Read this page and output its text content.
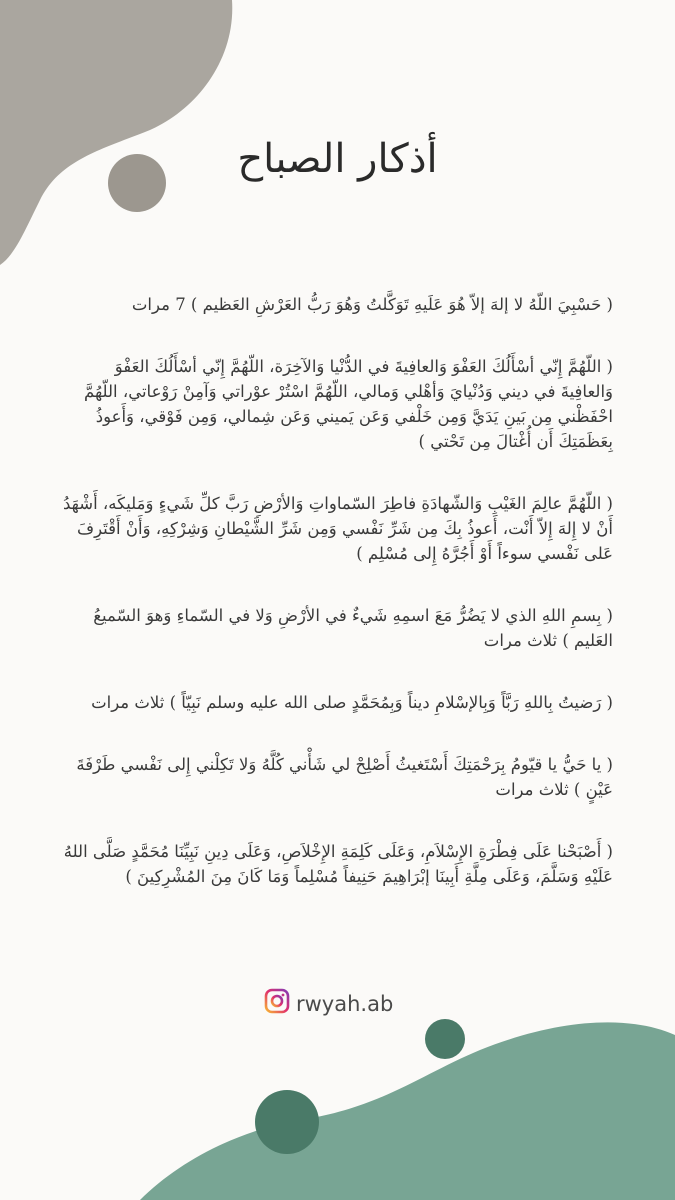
أذكار الصباح

( حَسْبِيَ اللّهُ لا إلهَ إلاّ هُوَ عَلَيهِ تَوَكَّلتُ وَهُوَ رَبُّ العَرْشِ العَظيم ) 7 مرات

( اللّهُمَّ إِنّي أسْأَلُكَ العَفْوَ وَالعافِيةَ في الدُّنْيا وَالآخِرَة، اللّهُمَّ إِنّي أسْأَلُكَ العَفْوَ وَالعافِيةَ في ديني وَدُنْيايَ وَأهْلي وَمالي، اللّهُمَّ اسْتُرْ عوْراتي وَآمِنْ رَوْعاتي، اللّهُمَّ احْفَظْني مِن بَينِ يَدَيَّ وَمِن خَلْفي وَعَن يَميني وَعَن شِمالي، وَمِن فَوْقي، وَأَعوذُ بِعَظَمَتِكَ أَن أُغْتالَ مِن تَحْتي )

( اللّهُمَّ عالِمَ الغَيْبِ وَالشّهادَةِ فاطِرَ السّماواتِ وَالأرْضِ رَبَّ كلِّ شَيءٍ وَمَليكَه، أَشْهَدُ أَنْ لا إِلهَ إِلاّ أَنْت، أَعوذُ بِكَ مِن شَرِّ نَفْسي وَمِن شَرِّ الشَّيْطانِ وَشِرْكِهِ، وَأَنْ أَقْتَرِفَ عَلى نَفْسي سوءاً أَوْ أَجُرَّهُ إِلى مُسْلِم )

( بِسمِ اللهِ الذي لا يَضُرُّ مَعَ اسمِهِ شَيءٌ في الأرْضِ وَلا في السّماءِ وَهوَ السّميعُ العَليم ) ثلاث مرات

( رَضيتُ بِاللهِ رَبَّاً وَبِالإسْلامِ ديناً وَبِمُحَمَّدٍ صلى الله عليه وسلم نَبِيّاً ) ثلاث مرات

( يا حَيُّ يا قيّومُ بِرَحْمَتِكَ أَسْتَغيثُ أَصْلِحْ لي شَأْني كُلَّهُ وَلا تَكِلْني إِلى نَفْسي طَرْفَةَ عَيْنٍ ) ثلاث مرات

( أَصْبَحْنا عَلَى فِطْرَةِ الإِسْلاَمِ، وَعَلَى كَلِمَةِ الإِخْلاَصِ، وَعَلَى دِينِ نَبِيِّنَا مُحَمَّدٍ صَلَّى اللهُ عَلَيْهِ وَسَلَّمَ، وَعَلَى مِلَّةِ أَبِينَا إبْرَاهِيمَ حَنِيفاً مُسْلِماً وَمَا كَانَ مِنَ المُشْرِكِينَ )

rwyah.ab
